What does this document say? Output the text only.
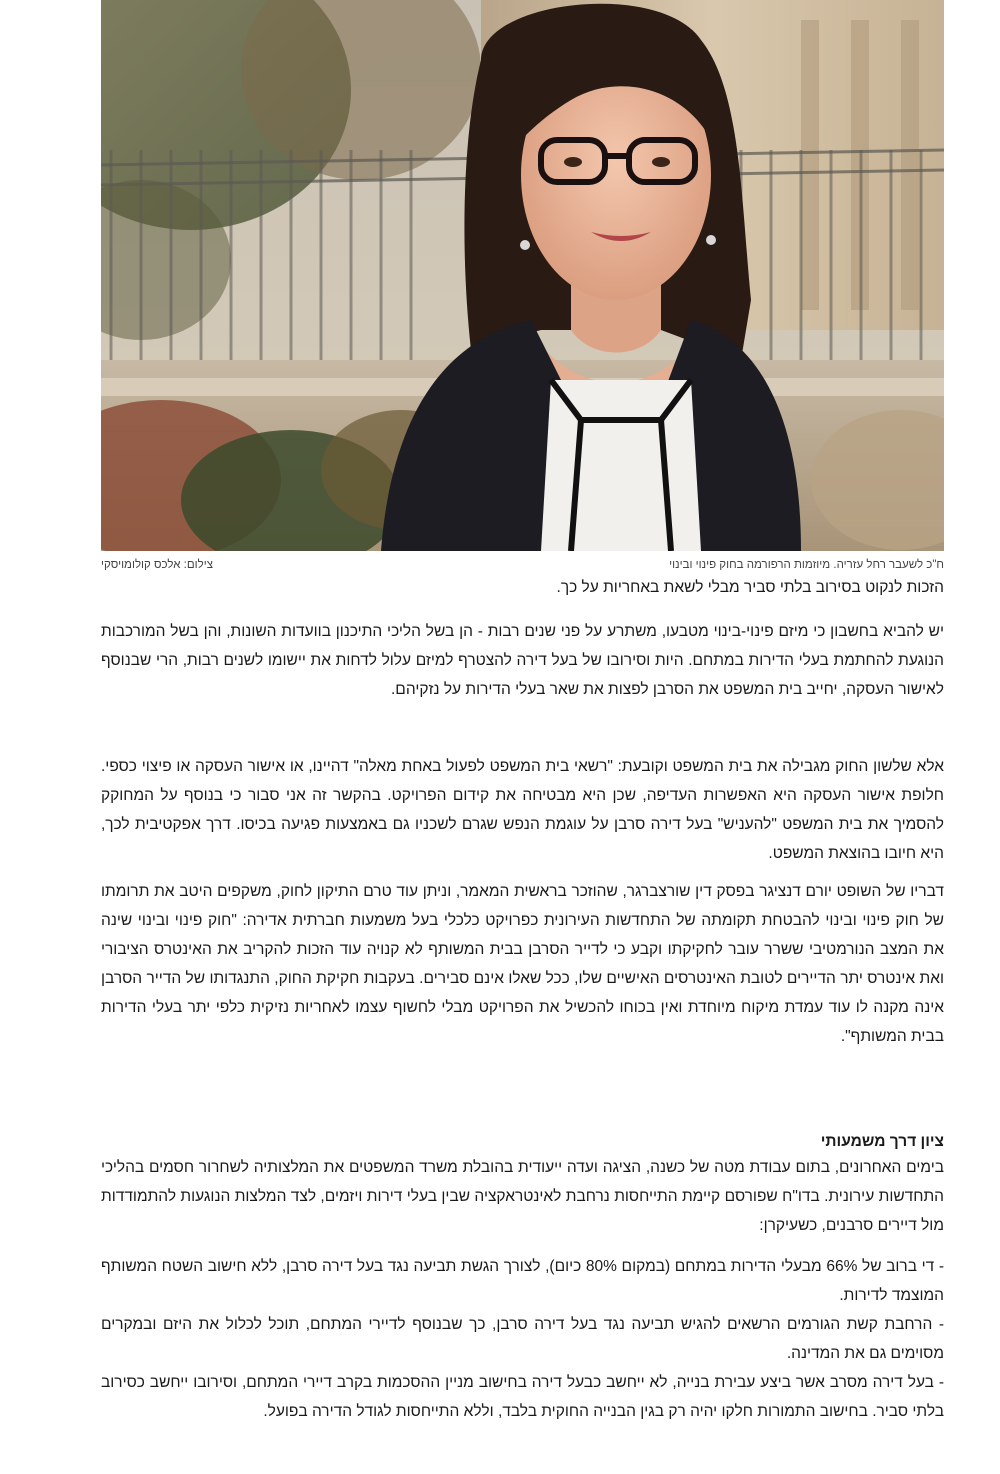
ח"כ לשעבר רחל עזריה. מיוזמות הרפורמה בחוק פינוי ובינוי
צילום: אלכס קולומויסקי

הזכות לנקוט בסירוב בלתי סביר מבלי לשאת באחריות על כך.

יש להביא בחשבון כי מיזם פינוי-בינוי מטבעו, משתרע על פני שנים רבות - הן בשל הליכי התיכנון בוועדות השונות, והן בשל המורכבות הנוגעת להחתמת בעלי הדירות במתחם. היות וסירובו של בעל דירה להצטרף למיזם עלול לדחות את יישומו לשנים רבות, הרי שבנוסף לאישור העסקה, יחייב בית המשפט את הסרבן לפצות את שאר בעלי הדירות על נזקיהם.

אלא שלשון החוק מגבילה את בית המשפט וקובעת: "רשאי בית המשפט לפעול באחת מאלה" דהיינו, או אישור העסקה או פיצוי כספי. חלופת אישור העסקה היא האפשרות העדיפה, שכן היא מבטיחה את קידום הפרויקט. בהקשר זה אני סבור כי בנוסף על המחוקק להסמיך את בית המשפט "להעניש" בעל דירה סרבן על עוגמת הנפש שגרם לשכניו גם באמצעות פגיעה בכיסו. דרך אפקטיבית לכך, היא חיובו בהוצאת המשפט.

דבריו של השופט יורם דנציגר בפסק דין שורצברגר, שהוזכר בראשית המאמר, וניתן עוד טרם התיקון לחוק, משקפים היטב את תרומתו של חוק פינוי ובינוי להבטחת תקומתה של התחדשות העירונית כפרויקט כלכלי בעל משמעות חברתית אדירה: "חוק פינוי ובינוי שינה את המצב הנורמטיבי ששרר עובר לחקיקתו וקבע כי לדייר הסרבן בבית המשותף לא קנויה עוד הזכות להקריב את האינטרס הציבורי ואת אינטרס יתר הדיירים לטובת האינטרסים האישיים שלו, ככל שאלו אינם סבירים. בעקבות חקיקת החוק, התנגדותו של הדייר הסרבן אינה מקנה לו עוד עמדת מיקוח מיוחדת ואין בכוחו להכשיל את הפרויקט מבלי לחשוף עצמו לאחריות נזיקית כלפי יתר בעלי הדירות בבית המשותף".

ציון דרך משמעותי

בימים האחרונים, בתום עבודת מטה של כשנה, הציגה ועדה ייעודית בהובלת משרד המשפטים את המלצותיה לשחרור חסמים בהליכי התחדשות עירונית. בדו"ח שפורסם קיימת התייחסות נרחבת לאינטראקציה שבין בעלי דירות ויזמים, לצד המלצות הנוגעות להתמודדות מול דיירים סרבנים, כשעיקרן:

- די ברוב של 66% מבעלי הדירות במתחם (במקום 80% כיום), לצורך הגשת תביעה נגד בעל דירה סרבן, ללא חישוב השטח המשותף המוצמד לדירות.

- הרחבת קשת הגורמים הרשאים להגיש תביעה נגד בעל דירה סרבן, כך שבנוסף לדיירי המתחם, תוכל לכלול את היזם ובמקרים מסוימים גם את המדינה.

- בעל דירה מסרב אשר ביצע עבירת בנייה, לא ייחשב כבעל דירה בחישוב מניין ההסכמות בקרב דיירי המתחם, וסירובו ייחשב כסירוב בלתי סביר. בחישוב התמורות חלקו יהיה רק בגין הבנייה החוקית בלבד, וללא התייחסות לגודל הדירה בפועל.
